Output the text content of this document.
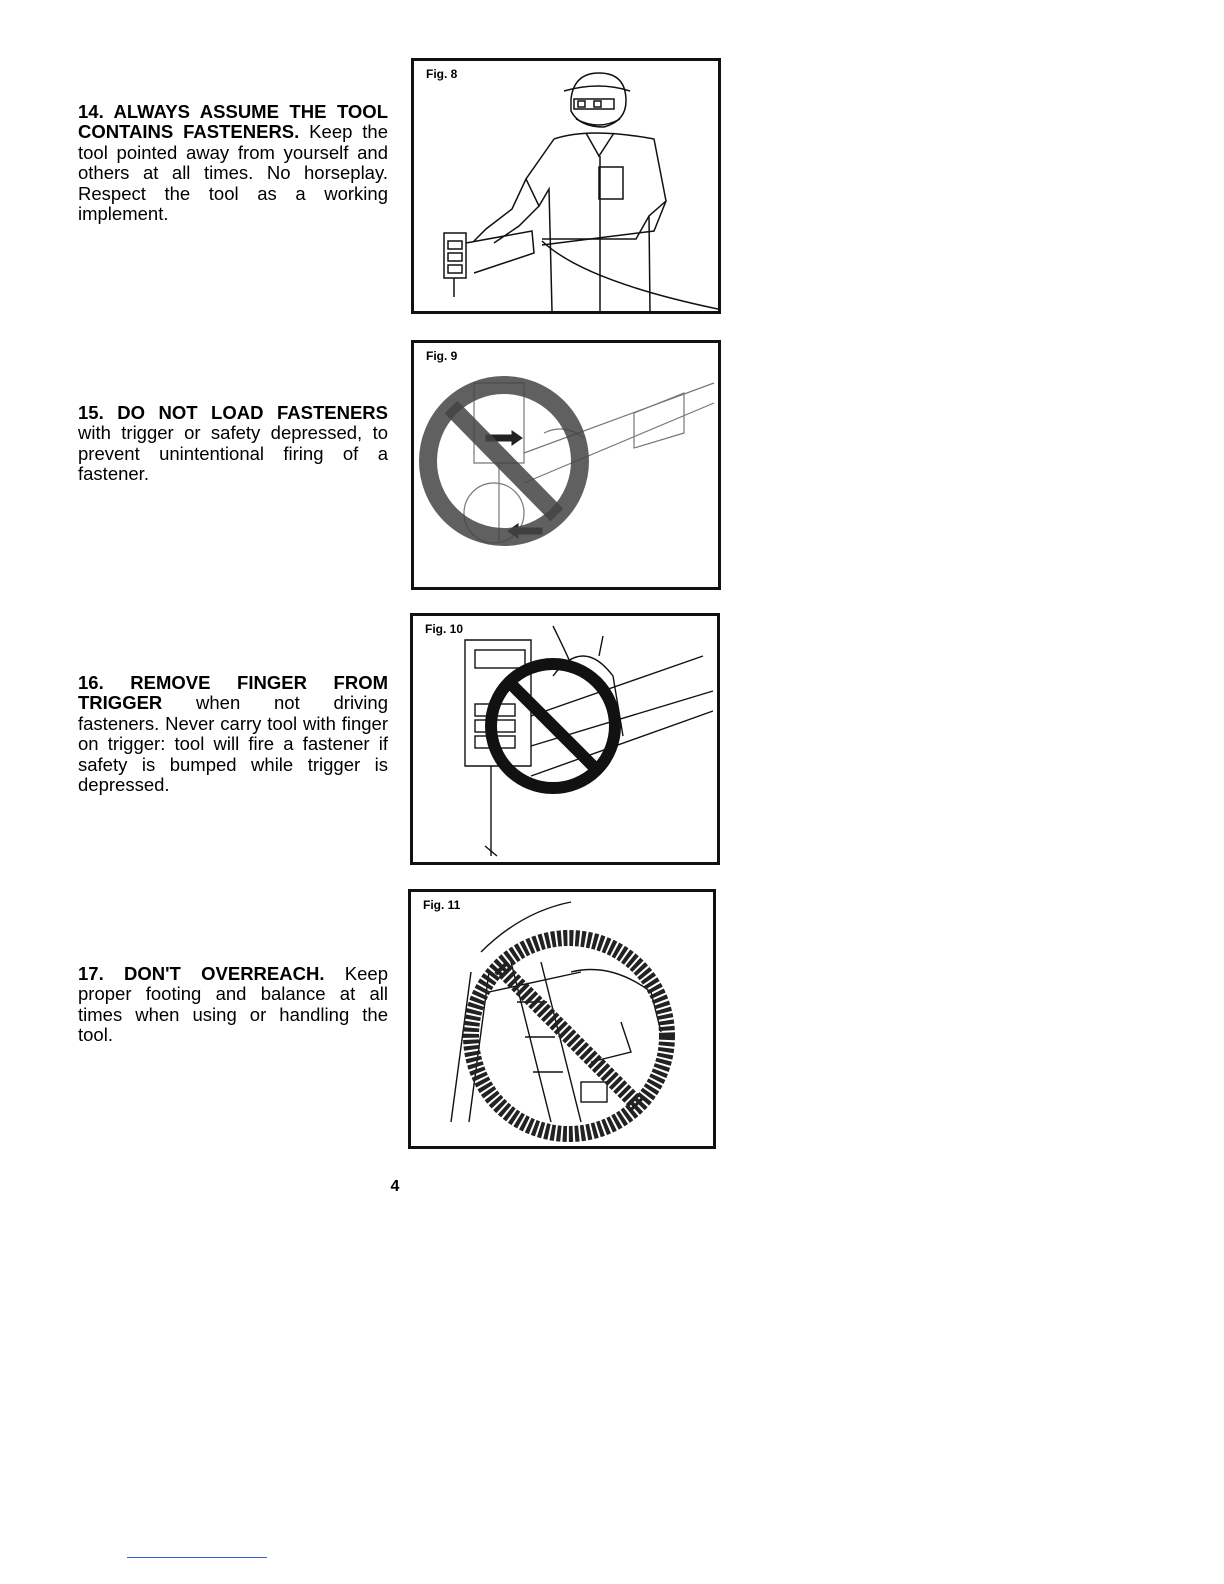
14. ALWAYS ASSUME THE TOOL CONTAINS FASTENERS. Keep the tool pointed away from yourself and others at all times. No horseplay. Respect the tool as a working implement.
15. DO NOT LOAD FASTENERS with trigger or safety depressed, to prevent unintentional firing of a fastener.
16. REMOVE FINGER FROM TRIGGER when not driving fasteners. Never carry tool with finger on trigger: tool will fire a fastener if safety is bumped while trigger is depressed.
17. DON'T OVERREACH. Keep proper footing and balance at all times when using or handling the tool.
Fig. 8
Fig. 9
Fig. 10
Fig. 11
4
